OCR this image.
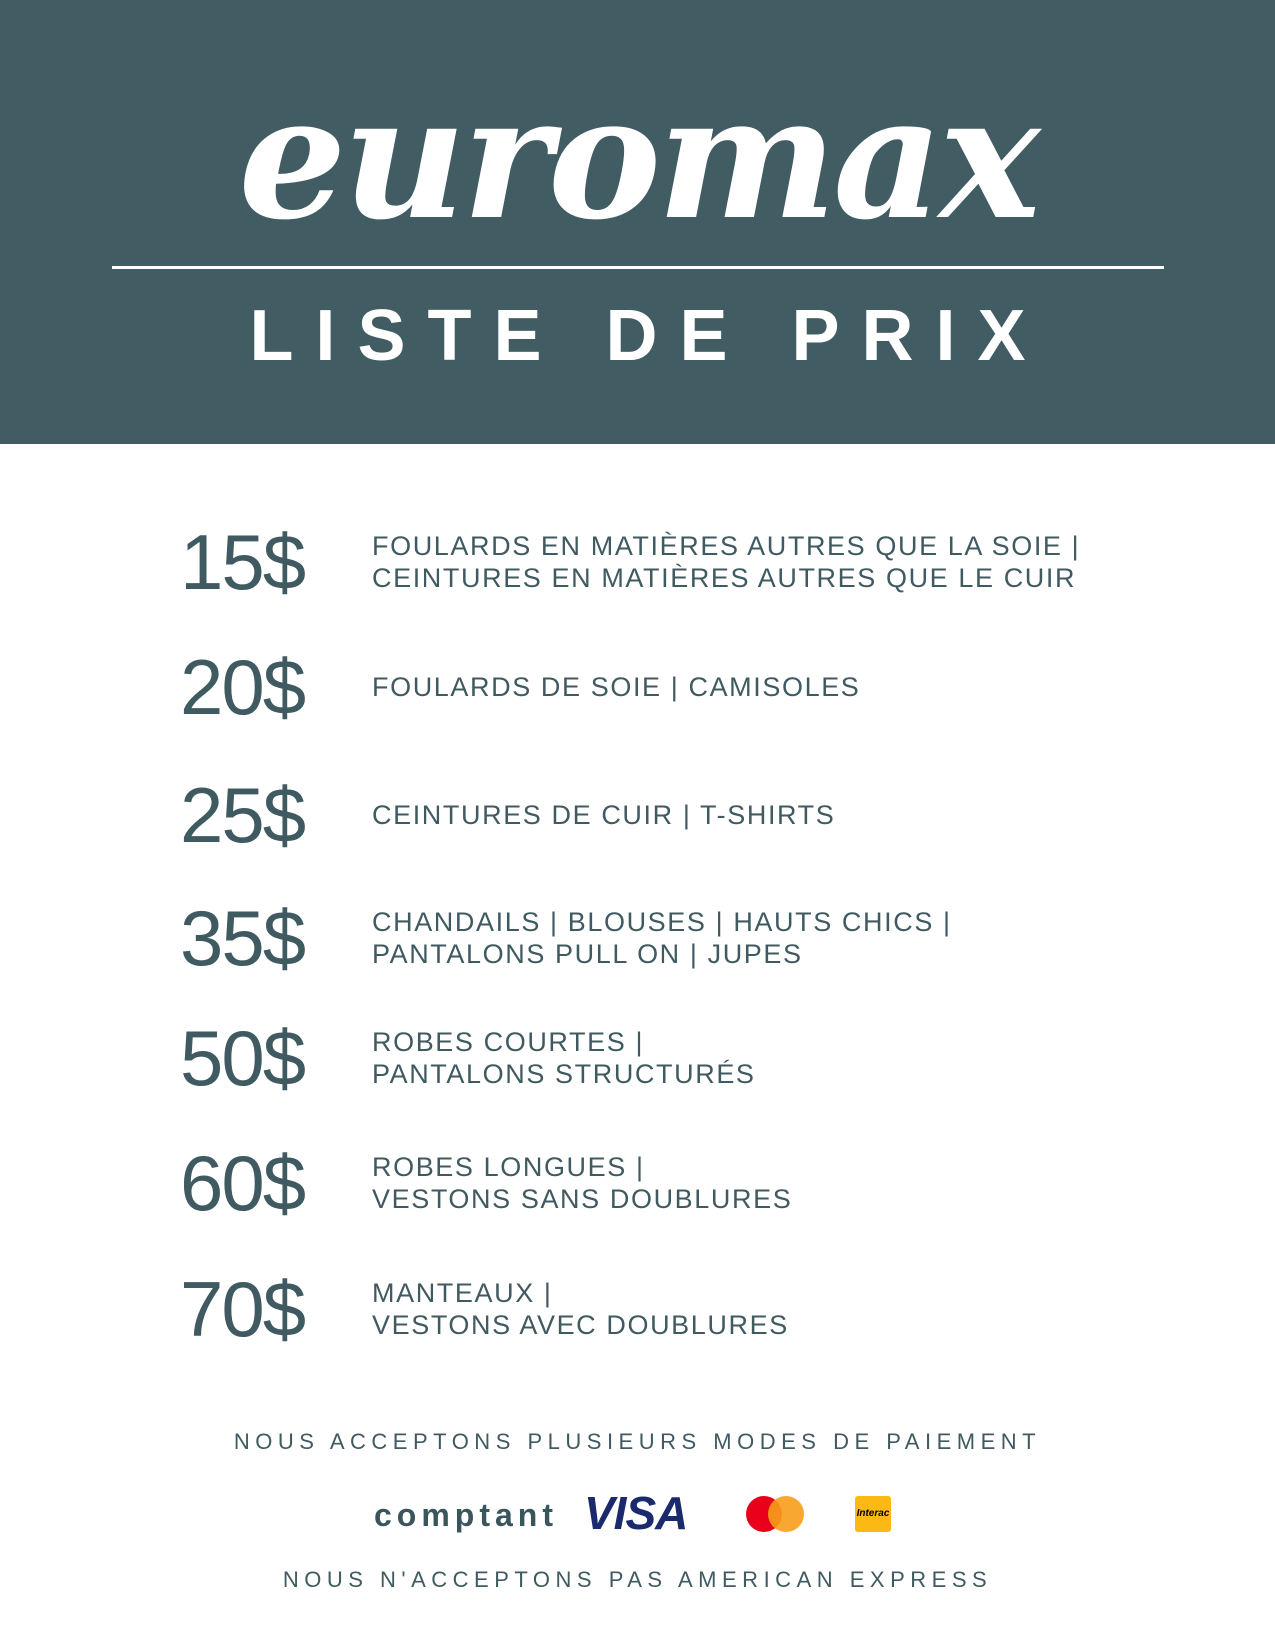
euromax
LISTE DE PRIX
15$	FOULARDS EN MATIÈRES AUTRES QUE LA SOIE |
CEINTURES EN MATIÈRES AUTRES QUE LE CUIR
20$	FOULARDS DE SOIE | CAMISOLES
25$	CEINTURES DE CUIR | T-SHIRTS
35$	CHANDAILS | BLOUSES | HAUTS CHICS |
PANTALONS PULL ON | JUPES
50$	ROBES COURTES |
PANTALONS STRUCTURÉS
60$	ROBES LONGUES |
VESTONS SANS DOUBLURES
70$	MANTEAUX |
VESTONS AVEC DOUBLURES
NOUS ACCEPTONS PLUSIEURS MODES DE PAIEMENT
comptant VISA	Interac
NOUS N'ACCEPTONS PAS AMERICAN EXPRESS
